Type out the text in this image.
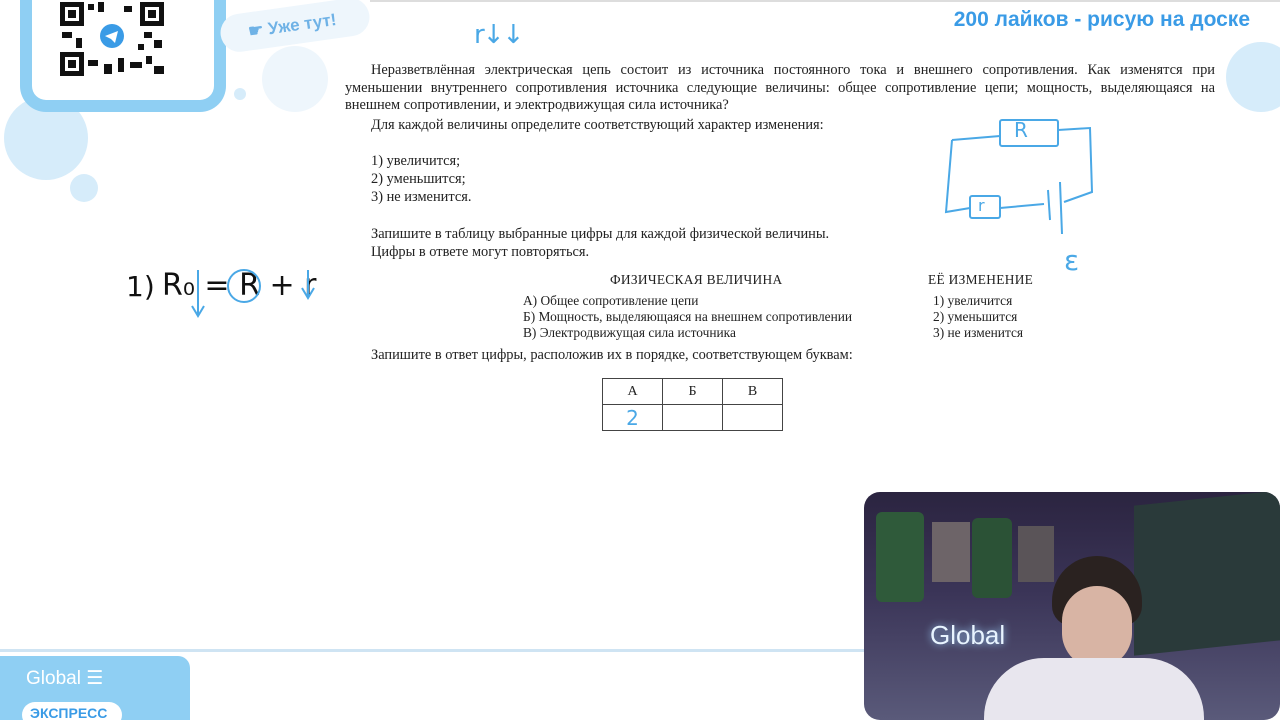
☛ Уже тут!	200 лайков - рисую на доске
r↓↓
Неразветвлённая электрическая цепь состоит из источника постоянного тока и внешнего сопротивления. Как изменятся при уменьшении внутреннего сопротивления источника следующие величины: общее сопротивление цепи; мощность, выделяющаяся на внешнем сопротивлении, и электродвижущая сила источника?
Для каждой величины определите соответствующий характер изменения:
1) увеличится;
2) уменьшится;
3) не изменится.
Запишите в таблицу выбранные цифры для каждой физической величины.
Цифры в ответе могут повторяться.
ФИЗИЧЕСКАЯ ВЕЛИЧИНА	ЕЁ ИЗМЕНЕНИЕ
А) Общее сопротивление цепи
Б) Мощность, выделяющаяся на внешнем сопротивлении
В) Электродвижущая сила источника
1) увеличится
2) уменьшится
3) не изменится
Запишите в ответ цифры, расположив их в порядке, соответствующем буквам:
А	Б	В
2		
1) R₀ = R + r
R
r
ε
Global ☰
ЭКСПРЕСС
Global
